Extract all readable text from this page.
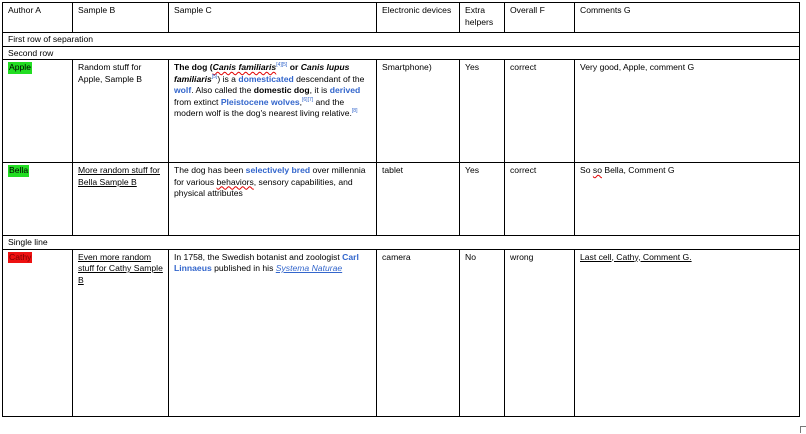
Author A	Sample B	Sample C	Electronic devices	Extra helpers	Overall F	Comments G
First row of separation						
Second row						
Apple	Random stuff for Apple, Sample B	The dog (Canis familiaris[4][5] or Canis lupus familiaris[5]) is a domesticated descendant of the wolf. Also called the domestic dog, it is derived from extinct Pleistocene wolves,[6][7] and the modern wolf is the dog's nearest living relative.[8]	Smartphone)	Yes	correct	Very good, Apple, comment G
Bella	More random stuff for Bella Sample B	The dog has been selectively bred over millennia for various behaviors, sensory capabilities, and physical attributes	tablet	Yes	correct	So so Bella, Comment G
Single line						
Cathy	Even more random stuff for Cathy Sample B	In 1758, the Swedish botanist and zoologist Carl Linnaeus published in his Systema Naturae	camera	No	wrong	Last cell, Cathy, Comment G.
